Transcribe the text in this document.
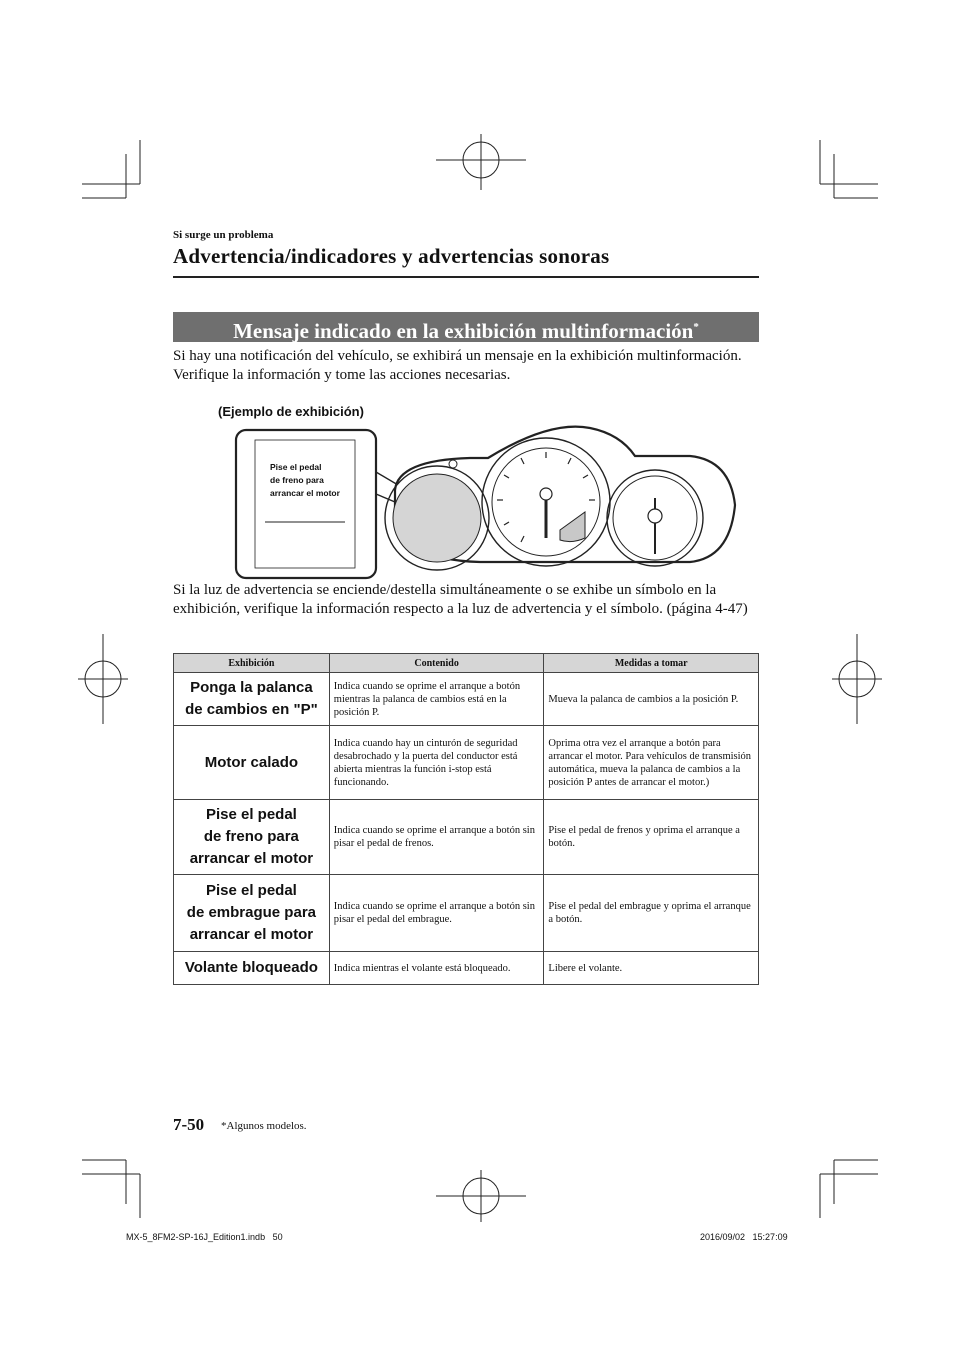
Si surge un problema
Advertencia/indicadores y advertencias sonoras
Mensaje indicado en la exhibición multinformación*
Si hay una notificación del vehículo, se exhibirá un mensaje en la exhibición multinformación. Verifique la información y tome las acciones necesarias.
(Ejemplo de exhibición)
Pise el pedal
de freno para
arrancar el motor
Si la luz de advertencia se enciende/destella simultáneamente o se exhibe un símbolo en la exhibición, verifique la información respecto a la luz de advertencia y el símbolo. (página 4-47)
Exhibición	Contenido	Medidas a tomar

Ponga la palanca
de cambios en "P"	Indica cuando se oprime el arranque a botón mientras la palanca de cambios está en la posición P.	Mueva la palanca de cambios a la posición P.

Motor calado	Indica cuando hay un cinturón de seguridad desabrochado y la puerta del conductor está abierta mientras la función i-stop está funcionando.	Oprima otra vez el arranque a botón para arrancar el motor. Para vehículos de transmisión automática, mueva la palanca de cambios a la posición P antes de arrancar el motor.)

Pise el pedal
de freno para
arrancar el motor	Indica cuando se oprime el arranque a botón sin pisar el pedal de frenos.	Pise el pedal de frenos y oprima el arranque a botón.

Pise el pedal
de embrague para
arrancar el motor	Indica cuando se oprime el arranque a botón sin pisar el pedal del embrague.	Pise el pedal del embrague y oprima el arranque a botón.

Volante bloqueado	Indica mientras el volante está bloqueado.	Libere el volante.
7-50 *Algunos modelos.
MX-5_8FM2-SP-16J_Edition1.indb   50	2016/09/02   15:27:09
